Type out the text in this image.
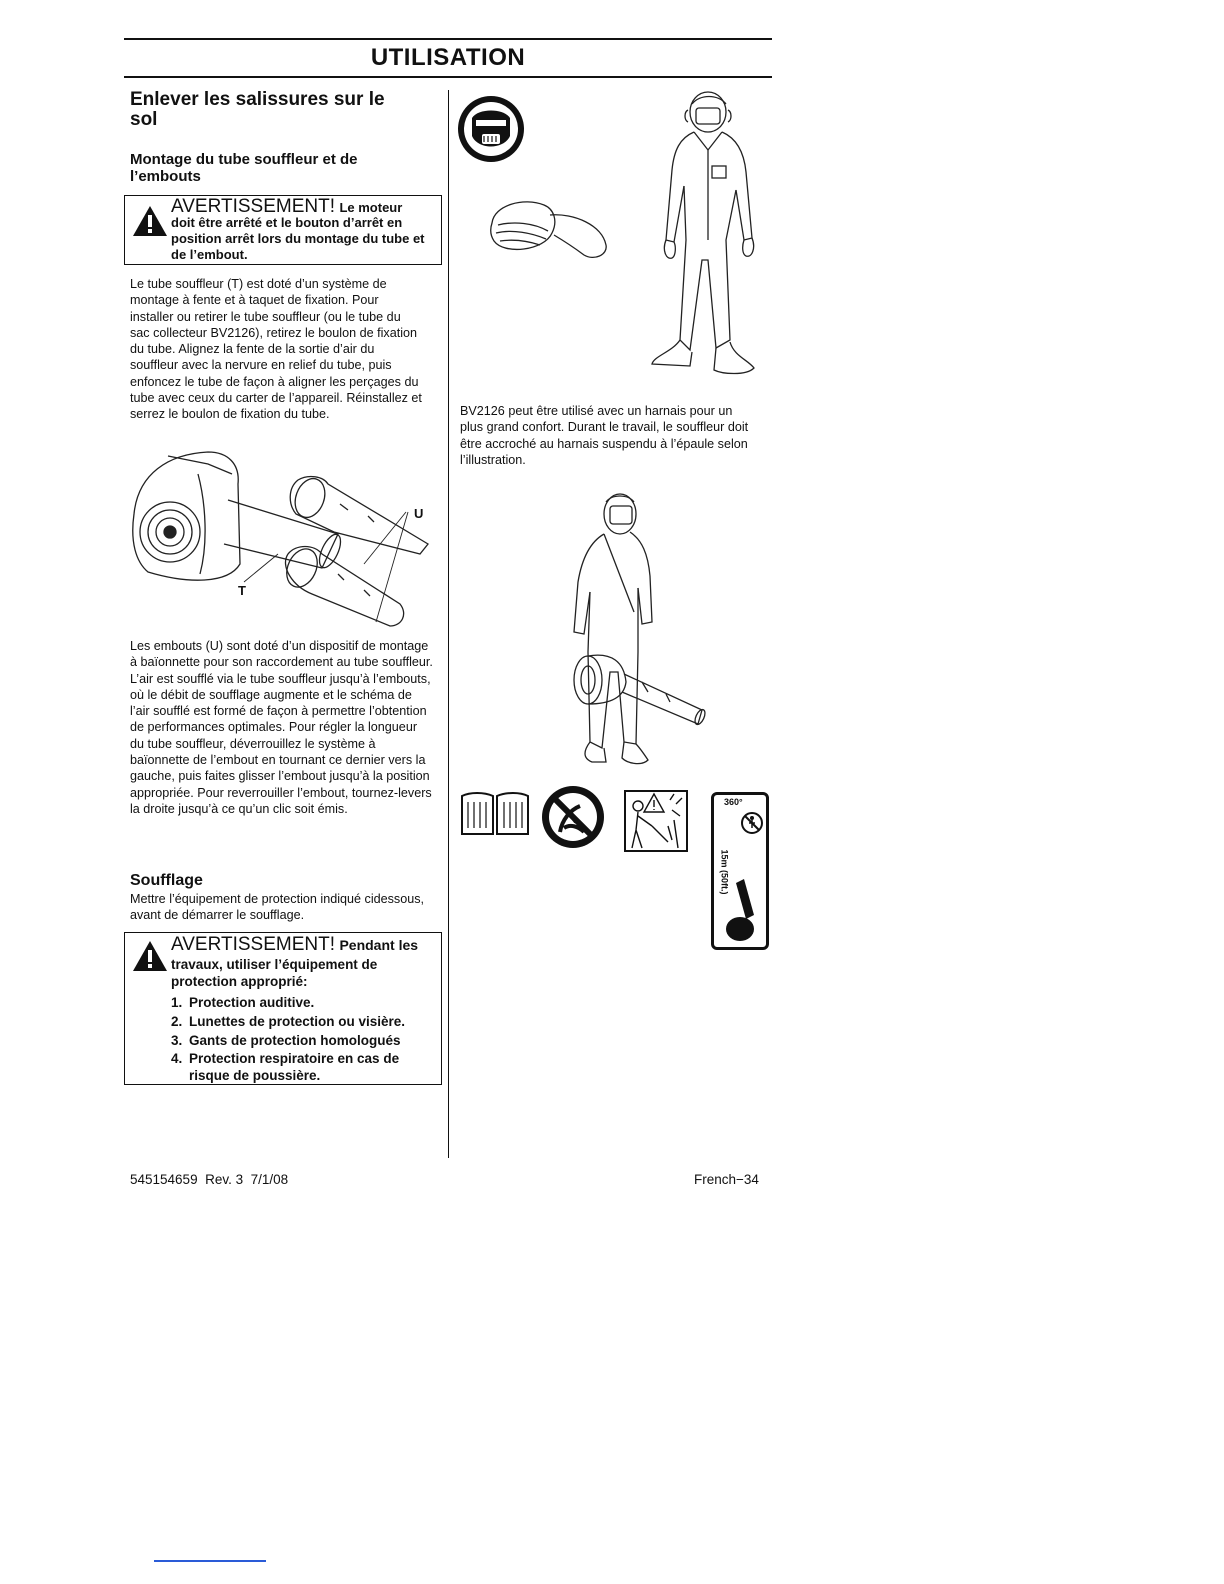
UTILISATION
Enlever les salissures sur le sol
Montage du tube souffleur et de l’embouts
AVERTISSEMENT! Le moteur
doit être arrêté et le bouton d’arrêt en position arrêt lors du montage du tube et de l’embout.
Le tube souffleur (T) est doté d’un système de montage à fente et à taquet de fixation. Pour installer ou retirer le tube souffleur (ou le tube du sac collecteur BV2126), retirez le boulon de fixation du tube. Alignez la fente de la sortie d’air du souffleur avec la nervure en relief du tube, puis enfoncez le tube de façon à aligner les perçages du tube avec ceux du carter de l’appareil. Réinstallez et serrez le boulon de fixation du tube.
U
T
Les embouts (U) sont doté d’un dispositif de montage à baïonnette pour son raccordement au tube souffleur. L’air est soufflé via le tube souffleur jusqu’à l’embouts, où le débit de soufflage augmente et le schéma de l’air soufflé est formé de façon à permettre l’obtention de performances optimales. Pour régler la longueur du tube souffleur, déverrouillez le système à baïonnette de l’embout en tournant ce dernier vers la gauche, puis faites glisser l’embout jusqu’à la position appropriée. Pour reverrouiller l’embout, tournez-levers la droite jusqu’à ce qu’un clic soit émis.
Soufflage
Mettre l’équipement de protection indiqué cidessous, avant de démarrer le soufflage.
AVERTISSEMENT! Pendant les
travaux, utiliser l’équipement de protection approprié:
1. Protection auditive.
2. Lunettes de protection ou visière.
3. Gants de protection homologués
4. Protection respiratoire en cas de risque de poussière.
BV2126 peut être utilisé avec un harnais pour un plus grand confort. Durant le travail, le souffleur doit être accroché au harnais suspendu à l’épaule selon l’illustration.
360°
15m (50ft.)
545154659  Rev. 3  7/1/08	French−34
